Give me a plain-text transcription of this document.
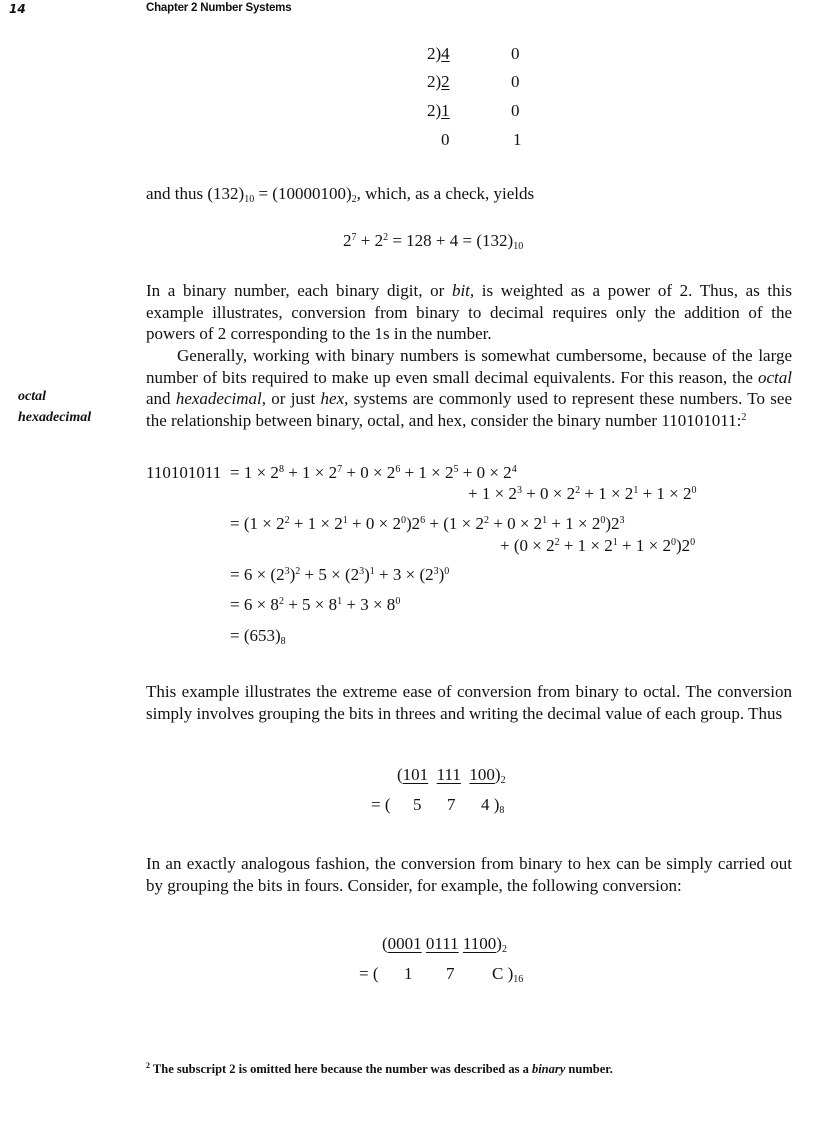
14	Chapter 2 Number Systems
2)4	0
2)2	0
2)1	0
0	1

and thus $(132)_{10} = (10000100)_2$, which, as a check, yields

$2^7 + 2^2 = 128 + 4 = (132)_{10}$

In a binary number, each binary digit, or bit, is weighted as a power of 2. Thus, as this example illustrates, conversion from binary to decimal requires only the addition of the powers of 2 corresponding to the 1s in the number.

Generally, working with binary numbers is somewhat cumbersome, because of the large number of bits required to make up even small decimal equivalents. For this reason, the octal and hexadecimal, or just hex, systems are commonly used to represent these numbers. To see the relationship between binary, octal, and hex, consider the binary number 110101011:$^2$

octal
hexadecimal
$110101011 = 1 \times 2^8 + 1 \times 2^7 + 0 \times 2^6 + 1 \times 2^5 + 0 \times 2^4$
+ $1 \times 2^3 + 0 \times 2^2 + 1 \times 2^1 + 1 \times 2^0$
= $(1 \times 2^2 + 1 \times 2^1 + 0 \times 2^0)2^6 + (1 \times 2^2 + 0 \times 2^1 + 1 \times 2^0)2^3$
+ $(0 \times 2^2 + 1 \times 2^1 + 1 \times 2^0)2^0$
= $6 \times (2^3)^2 + 5 \times (2^3)^1 + 3 \times (2^3)^0$
= $6 \times 8^2 + 5 \times 8^1 + 3 \times 8^0$
= $(653)_8$

This example illustrates the extreme ease of conversion from binary to octal. The conversion simply involves grouping the bits in threes and writing the decimal value of each group. Thus

(101 111 $100)_2$
= ( 5 7 4 )$_8$

In an exactly analogous fashion, the conversion from binary to hex can be simply carried out by grouping the bits in fours. Consider, for example, the following conversion:

(0001 0111 $1100)_2$
= ( 1 7 C )$_{16}$
$^2$ The subscript 2 is omitted here because the number was described as a binary number.
